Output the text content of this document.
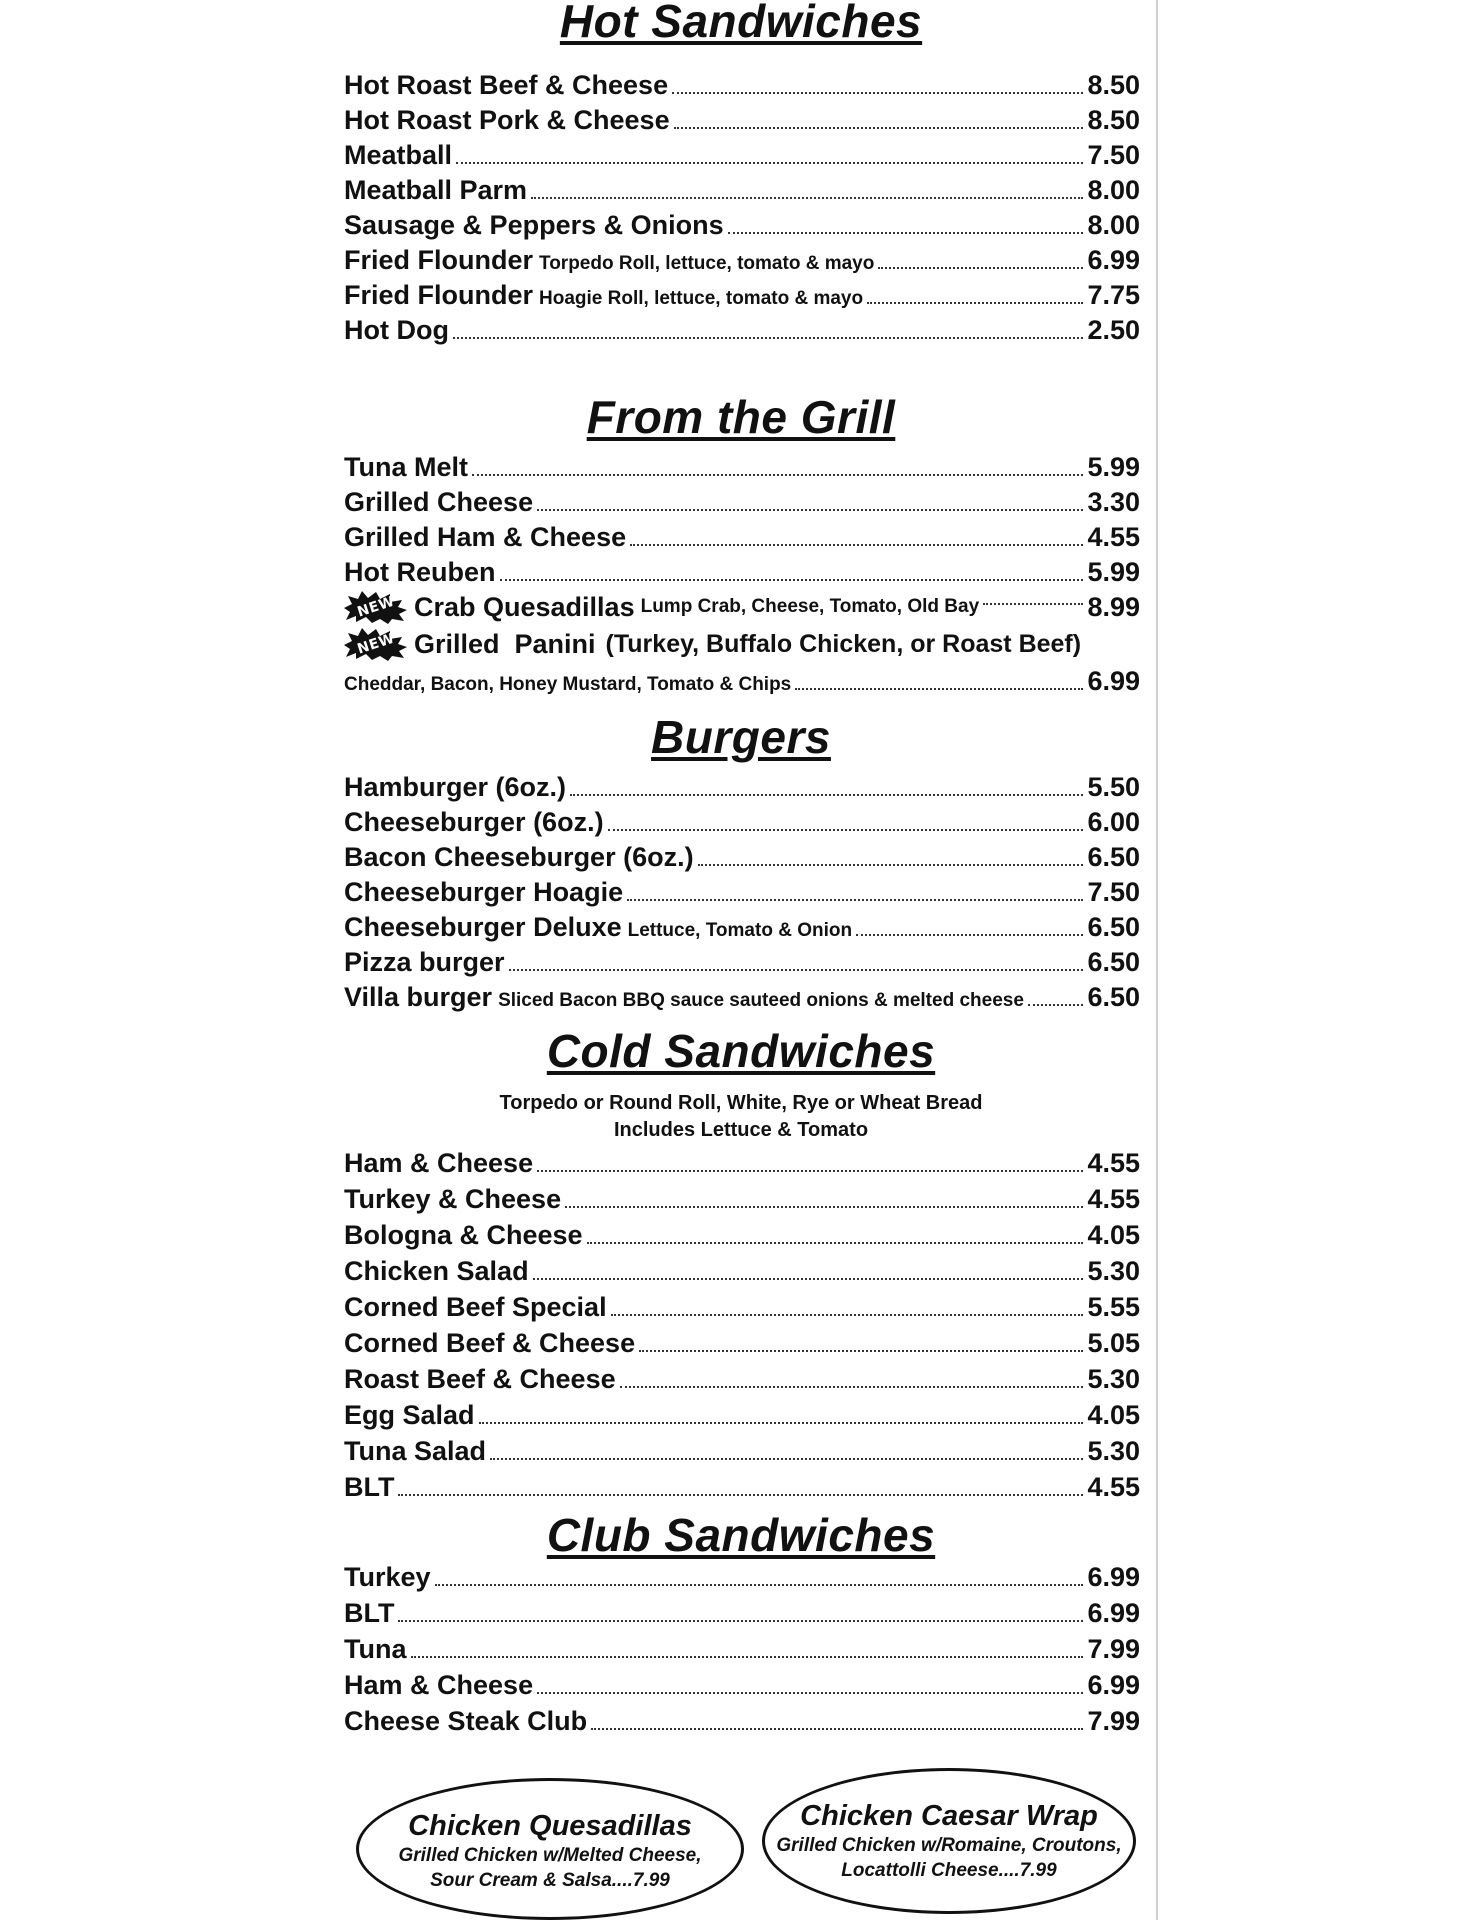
Hot Sandwiches
Hot Roast Beef & Cheese	8.50
Hot Roast Pork & Cheese	8.50
Meatball	7.50
Meatball Parm	8.00
Sausage & Peppers & Onions	8.00
Fried Flounder Torpedo Roll, lettuce, tomato & mayo	6.99
Fried Flounder Hoagie Roll, lettuce, tomato & mayo	7.75
Hot Dog	2.50
From the Grill
Tuna Melt	5.99
Grilled Cheese	3.30
Grilled Ham & Cheese	4.55
Hot Reuben	5.99
NEW Crab Quesadillas Lump Crab, Cheese, Tomato, Old Bay	8.99
NEW Grilled  Panini (Turkey, Buffalo Chicken, or Roast Beef)
Cheddar, Bacon, Honey Mustard, Tomato & Chips	6.99
Burgers
Hamburger (6oz.)	5.50
Cheeseburger (6oz.)	6.00
Bacon Cheeseburger (6oz.)	6.50
Cheeseburger Hoagie	7.50
Cheeseburger Deluxe Lettuce, Tomato & Onion	6.50
Pizza burger	6.50
Villa burger Sliced Bacon BBQ sauce sauteed onions & melted cheese 6.50
Cold Sandwiches
Torpedo or Round Roll, White, Rye or Wheat Bread
Includes Lettuce & Tomato
Ham & Cheese	4.55
Turkey & Cheese	4.55
Bologna & Cheese	4.05
Chicken Salad	5.30
Corned Beef Special	5.55
Corned Beef & Cheese	5.05
Roast Beef & Cheese	5.30
Egg Salad	4.05
Tuna Salad	5.30
BLT	4.55
Club Sandwiches
Turkey	6.99
BLT	6.99
Tuna	7.99
Ham & Cheese	6.99
Cheese Steak Club	7.99
Chicken Quesadillas
Grilled Chicken w/Melted Cheese,
Sour Cream & Salsa....7.99
Chicken Caesar Wrap
Grilled Chicken w/Romaine, Croutons,
Locattolli Cheese....7.99
